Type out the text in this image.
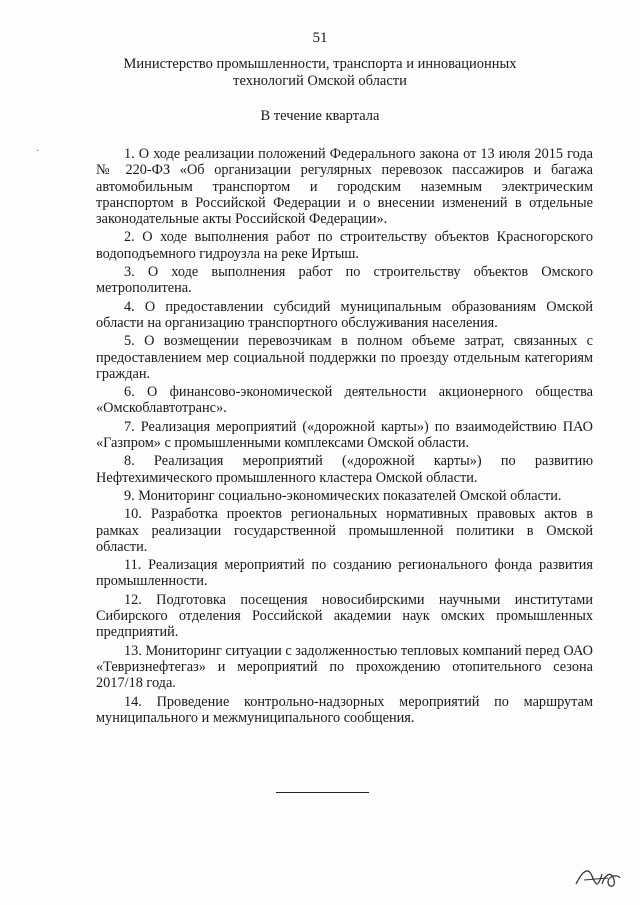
51
Министерство промышленности, транспорта и инновационных
технологий Омской области
В течение квартала
·	1. О ходе реализации положений Федерального закона от 13 июля 2015 года № 220-ФЗ «Об организации регулярных перевозок пассажиров и багажа автомобильным транспортом и городским наземным электрическим транспортом в Российской Федерации и о внесении изменений в отдельные законодательные акты Российской Федерации».

2. О ходе выполнения работ по строительству объектов Красногорского водоподъемного гидроузла на реке Иртыш.

3. О ходе выполнения работ по строительству объектов Омского метрополитена.

4. О предоставлении субсидий муниципальным образованиям Омской области на организацию транспортного обслуживания населения.

5. О возмещении перевозчикам в полном объеме затрат, связанных с предоставлением мер социальной поддержки по проезду отдельным категориям граждан.

6. О финансово-экономической деятельности акционерного общества «Омскоблавтотранс».

7. Реализация мероприятий («дорожной карты») по взаимодействию ПАО «Газпром» с промышленными комплексами Омской области.

8. Реализация мероприятий («дорожной карты») по развитию Нефтехимического промышленного кластера Омской области.

9. Мониторинг социально-экономических показателей Омской области.

10. Разработка проектов региональных нормативных правовых актов в рамках реализации государственной промышленной политики в Омской области.

11. Реализация мероприятий по созданию регионального фонда развития промышленности.

12. Подготовка посещения новосибирскими научными институтами Сибирского отделения Российской академии наук омских промышленных предприятий.

13. Мониторинг ситуации с задолженностью тепловых компаний перед ОАО «Тевризнефтегаз» и мероприятий по прохождению отопительного сезона 2017/18 года.

14. Проведение контрольно-надзорных мероприятий по маршрутам муниципального и межмуниципального сообщения.
